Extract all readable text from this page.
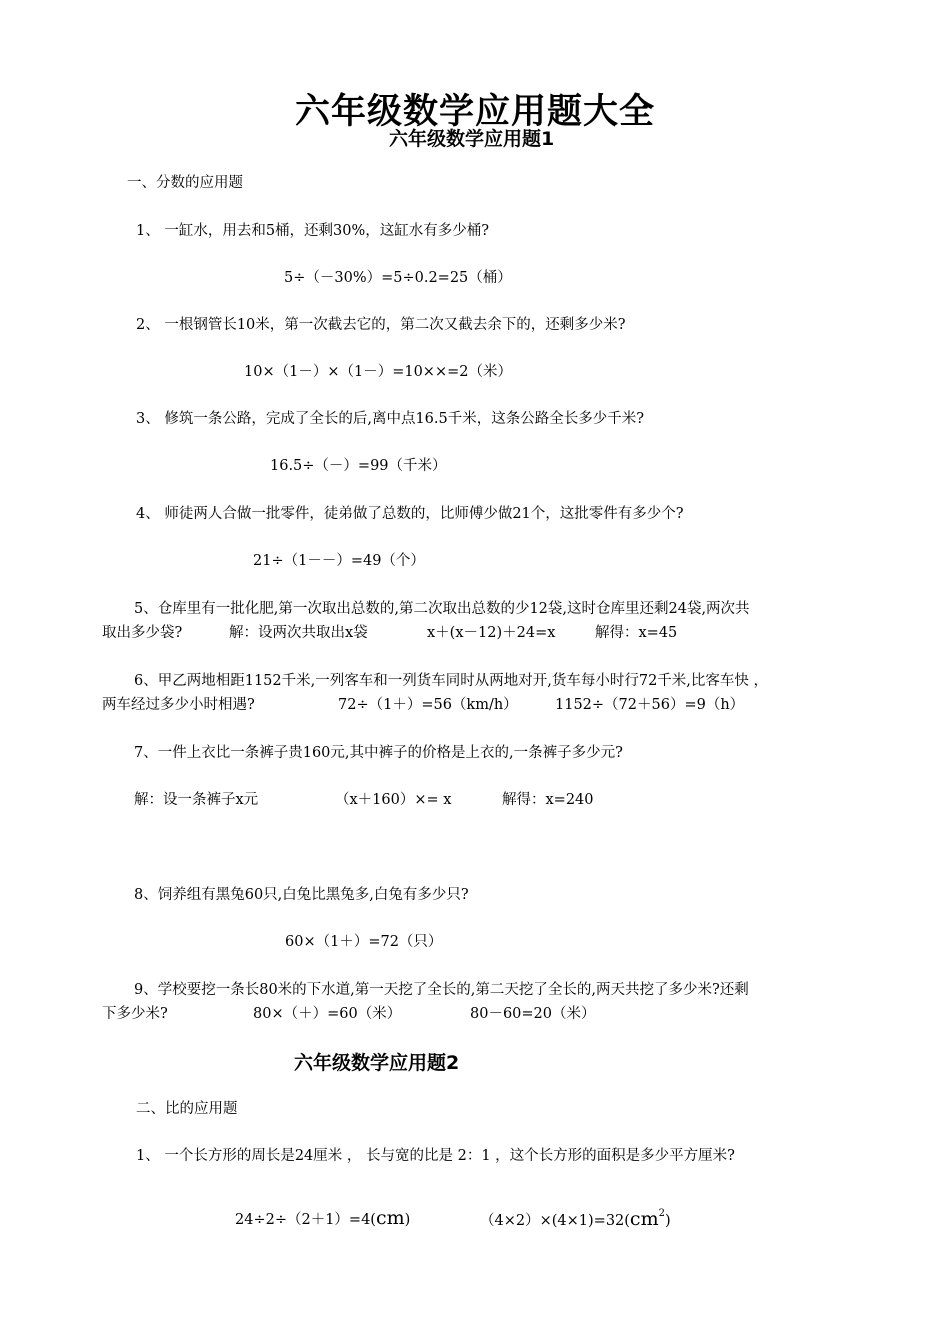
六年级数学应用题大全
六年级数学应用题1
一、分数的应用题
1、 一缸水，用去和5桶，还剩30%，这缸水有多少桶?
5÷（－30%）=5÷0.2=25（桶）
2、 一根钢管长10米，第一次截去它的，第二次又截去余下的，还剩多少米?
10×（1－）×（1－）=10××=2（米）
3、 修筑一条公路，完成了全长的后,离中点16.5千米，这条公路全长多少千米?
16.5÷（－）=99（千米）
4、 师徒两人合做一批零件，徒弟做了总数的，比师傅少做21个，这批零件有多少个?
21÷（1－－）=49（个）
5、仓库里有一批化肥,第一次取出总数的,第二次取出总数的少12袋,这时仓库里还剩24袋,两次共
取出多少袋?	解：设两次共取出x袋	x＋(x－12)＋24=x	解得：x=45
6、甲乙两地相距1152千米,一列客车和一列货车同时从两地对开,货车每小时行72千米,比客车快 ，
两车经过多少小时相遇?	72÷（1＋）=56（km/h）	1152÷（72＋56）=9（h）
7、一件上衣比一条裤子贵160元,其中裤子的价格是上衣的,一条裤子多少元?
解：设一条裤子x元	（x＋160）×= x	解得：x=240
8、饲养组有黑兔60只,白兔比黑兔多,白兔有多少只?
60×（1＋）=72（只）
9、学校要挖一条长80米的下水道,第一天挖了全长的,第二天挖了全长的,两天共挖了多少米?还剩
下多少米?	80×（＋）=60（米）	80－60=20（米）
六年级数学应用题2
二、比的应用题
1、 一个长方形的周长是24厘米 ， 长与宽的比是 2：1 ，这个长方形的面积是多少平方厘米?
24÷2÷（2＋1）=4(cm)	$(4\times 2)\times(4\times 1)=32(cm^2)$
